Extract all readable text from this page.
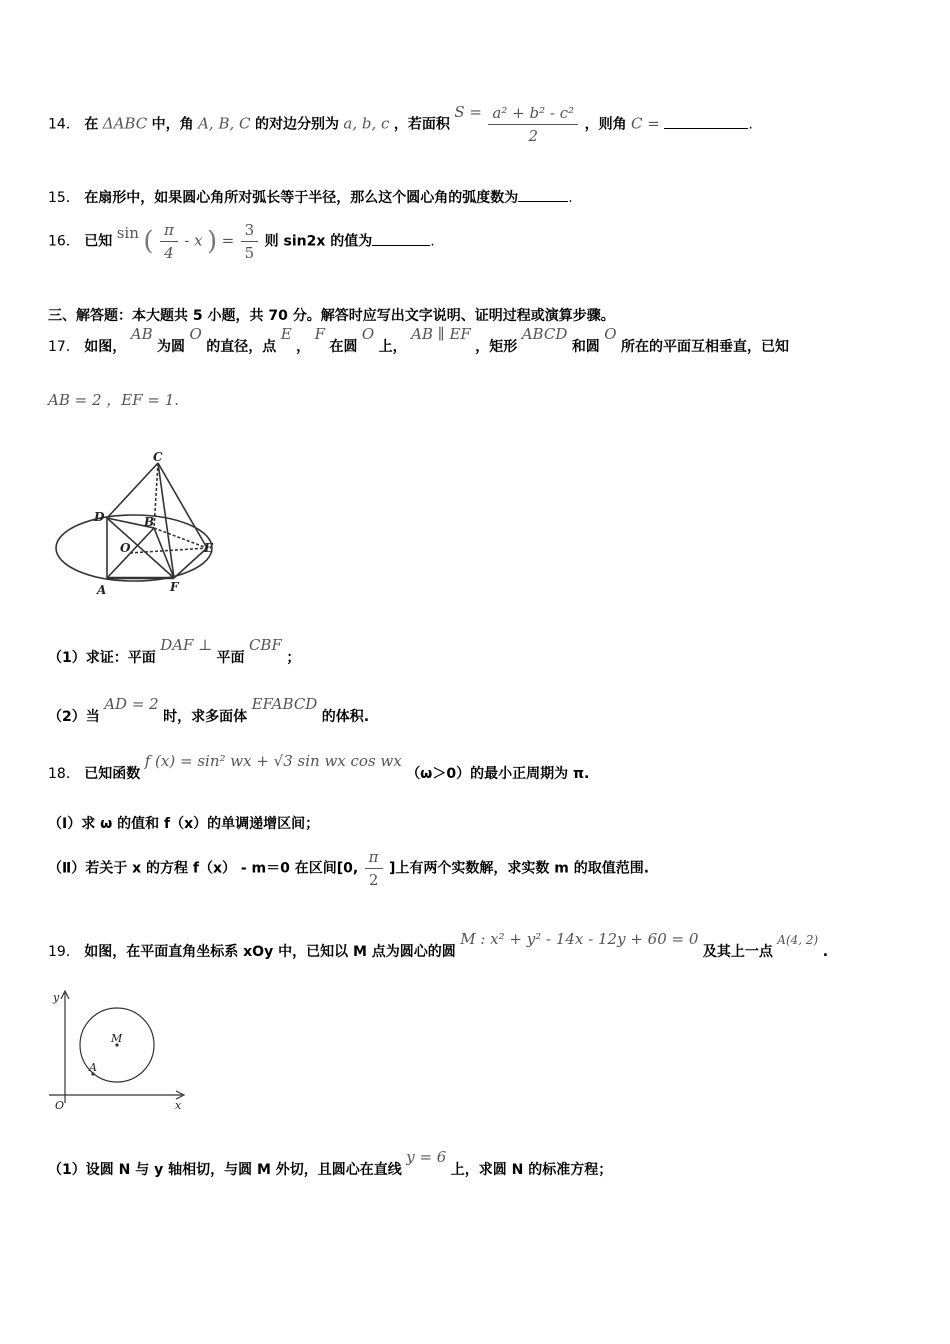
14． 在 ΔABC 中，角 A, B, C 的对边分别为 a, b, c ，若面积 $S = \frac{\text{a² + b² - c²}}{2}$ ，则角 C =	.
15． 在扇形中，如果圆心角所对弧长等于半径，那么这个圆心角的弧度数为	.
16． 已知 sin ( $\frac{\pi}{4}$ - x ) = $\frac{3}{5}$ 则 sin2x 的值为	.
三、解答题：本大题共 5 小题，共 70 分。解答时应写出文字说明、证明过程或演算步骤。
17． 如图， AB 为圆 O 的直径，点 E ， F 在圆 O 上， AB ∥ EF ，矩形 ABCD 和圆 O 所在的平面互相垂直，已知
AB = 2 ，EF = 1.
C
D	B
O	E
A	F
（1）求证：平面 DAF ⊥ 平面 CBF ；
（2）当 AD = 2 时，求多面体 EFABCD 的体积.
18． 已知函数 f (x) = sin² wx + √3 sin wx cos wx （ω＞0）的最小正周期为 π.
（Ⅰ）求 ω 的值和 f（x）的单调递增区间；
（Ⅱ）若关于 x 的方程 f（x） - m＝0 在区间[0, $\frac{\pi}{2}$ ]上有两个实数解，求实数 m 的取值范围.
19． 如图，在平面直角坐标系 xOy 中，已知以 M 点为圆心的圆 M : x² + y² - 14x - 12y + 60 = 0 及其上一点 A(4, 2) .
y
x
O
M
A
（1）设圆 N 与 y 轴相切，与圆 M 外切，且圆心在直线 y = 6 上，求圆 N 的标准方程；
